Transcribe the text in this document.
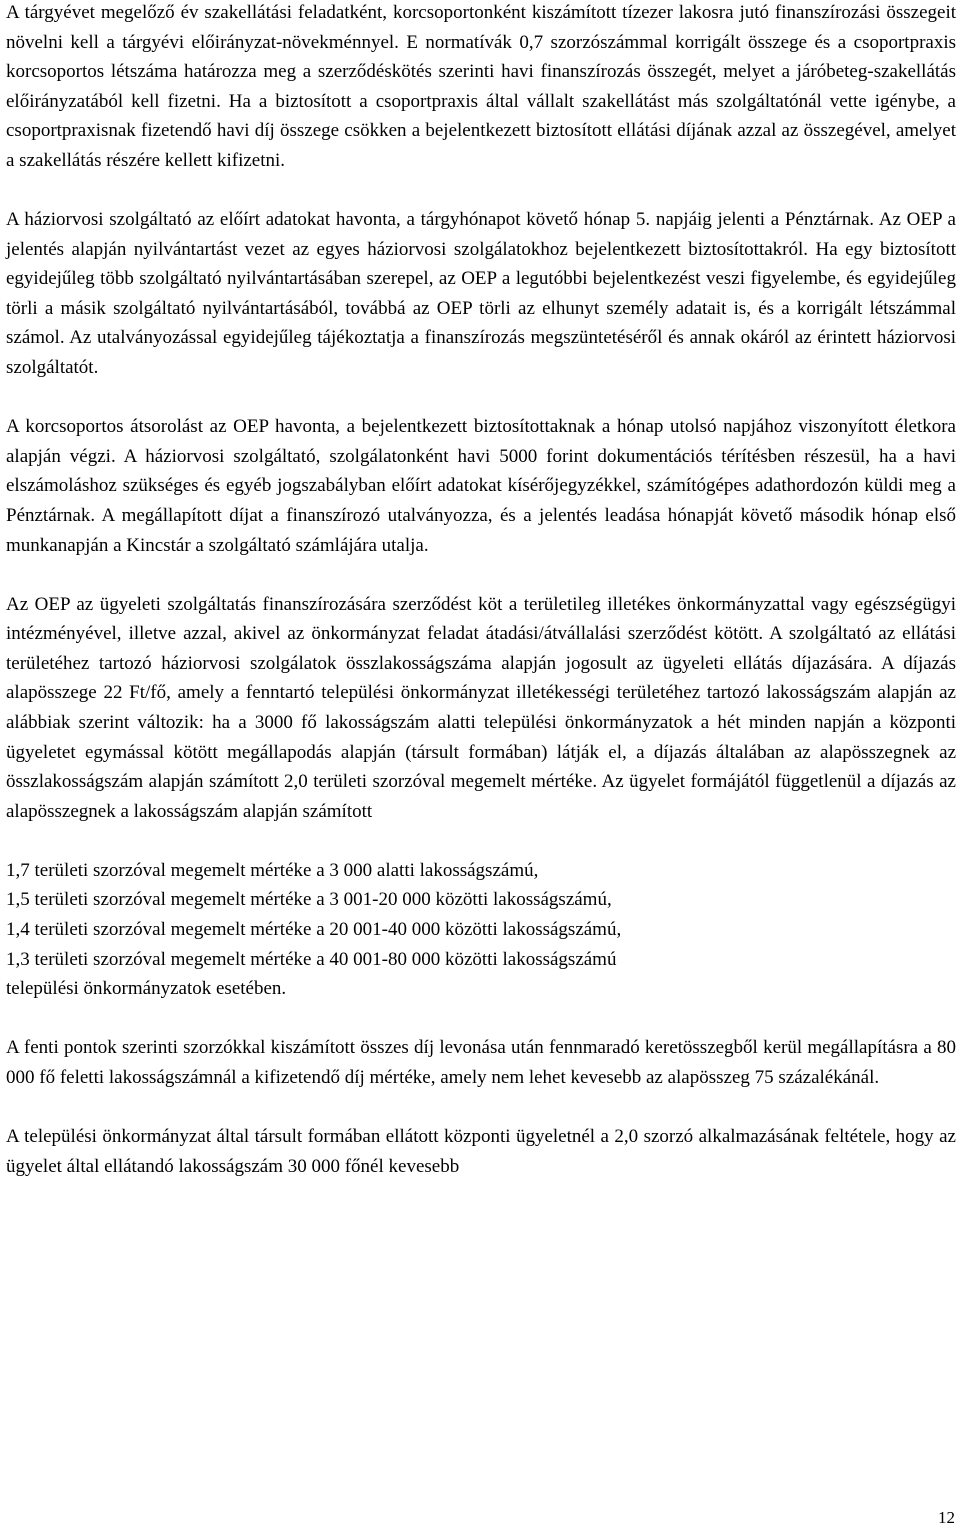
A tárgyévet megelőző év szakellátási feladatként, korcsoportonként kiszámított tízezer lakosra jutó finanszírozási összegeit növelni kell a tárgyévi előirányzat-növekménnyel. E normatívák 0,7 szorzószámmal korrigált összege és a csoportpraxis korcsoportos létszáma határozza meg a szerződéskötés szerinti havi finanszírozás összegét, melyet a járóbeteg-szakellátás előirányzatából kell fizetni. Ha a biztosított a csoportpraxis által vállalt szakellátást más szolgáltatónál vette igénybe, a csoportpraxisnak fizetendő havi díj összege csökken a bejelentkezett biztosított ellátási díjának azzal az összegével, amelyet a szakellátás részére kellett kifizetni.

A háziorvosi szolgáltató az előírt adatokat havonta, a tárgyhónapot követő hónap 5. napjáig jelenti a Pénztárnak. Az OEP a jelentés alapján nyilvántartást vezet az egyes háziorvosi szolgálatokhoz bejelentkezett biztosítottakról. Ha egy biztosított egyidejűleg több szolgáltató nyilvántartásában szerepel, az OEP a legutóbbi bejelentkezést veszi figyelembe, és egyidejűleg törli a másik szolgáltató nyilvántartásából, továbbá az OEP törli az elhunyt személy adatait is, és a korrigált létszámmal számol. Az utalványozással egyidejűleg tájékoztatja a finanszírozás megszüntetéséről és annak okáról az érintett háziorvosi szolgáltatót.

A korcsoportos átsorolást az OEP havonta, a bejelentkezett biztosítottaknak a hónap utolsó napjához viszonyított életkora alapján végzi. A háziorvosi szolgáltató, szolgálatonként havi 5000 forint dokumentációs térítésben részesül, ha a havi elszámoláshoz szükséges és egyéb jogszabályban előírt adatokat kísérőjegyzékkel, számítógépes adathordozón küldi meg a Pénztárnak. A megállapított díjat a finanszírozó utalványozza, és a jelentés leadása hónapját követő második hónap első munkanapján a Kincstár a szolgáltató számlájára utalja.

Az OEP az ügyeleti szolgáltatás finanszírozására szerződést köt a területileg illetékes önkormányzattal vagy egészségügyi intézményével, illetve azzal, akivel az önkormányzat feladat átadási/átvállalási szerződést kötött. A szolgáltató az ellátási területéhez tartozó háziorvosi szolgálatok összlakosságszáma alapján jogosult az ügyeleti ellátás díjazására. A díjazás alapösszege 22 Ft/fő, amely a fenntartó települési önkormányzat illetékességi területéhez tartozó lakosságszám alapján az alábbiak szerint változik: ha a 3000 fő lakosságszám alatti települési önkormányzatok a hét minden napján a központi ügyeletet egymással kötött megállapodás alapján (társult formában) látják el, a díjazás általában az alapösszegnek az összlakosságszám alapján számított 2,0 területi szorzóval megemelt mértéke. Az ügyelet formájától függetlenül a díjazás az alapösszegnek a lakosságszám alapján számított

1,7 területi szorzóval megemelt mértéke a 3 000 alatti lakosságszámú,
1,5 területi szorzóval megemelt mértéke a 3 001-20 000 közötti lakosságszámú,
1,4 területi szorzóval megemelt mértéke a 20 001-40 000 közötti lakosságszámú,
1,3 területi szorzóval megemelt mértéke a 40 001-80 000 közötti lakosságszámú
települési önkormányzatok esetében.

A fenti pontok szerinti szorzókkal kiszámított összes díj levonása után fennmaradó keretösszegből kerül megállapításra a 80 000 fő feletti lakosságszámnál a kifizetendő díj mértéke, amely nem lehet kevesebb az alapösszeg 75 százalékánál.

A települési önkormányzat által társult formában ellátott központi ügyeletnél a 2,0 szorzó alkalmazásának feltétele, hogy az ügyelet által ellátandó lakosságszám 30 000 főnél kevesebb

12
